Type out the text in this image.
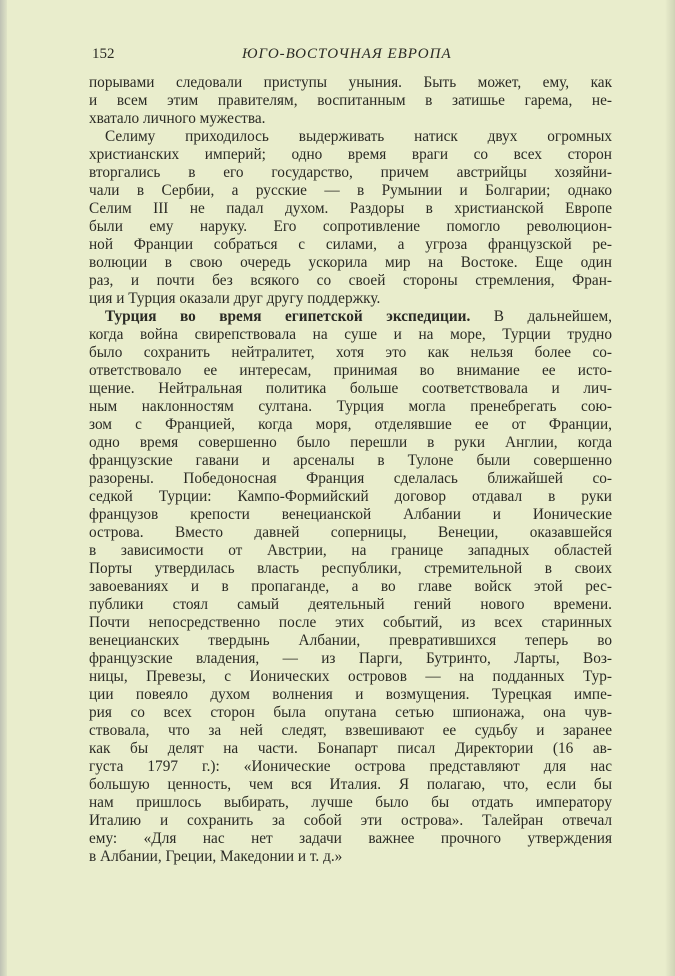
152	ЮГО-ВОСТОЧНАЯ ЕВРОПА
порывами следовали приступы уныния. Быть может, ему, как
и всем этим правителям, воспитанным в затишье гарема, не-
хватало личного мужества.
Селиму приходилось выдерживать натиск двух огромных
христианских империй; одно время враги со всех сторон
вторгались в его государство, причем австрийцы хозяйни-
чали в Сербии, а русские — в Румынии и Болгарии; однако
Селим III не падал духом. Раздоры в христианской Европе
были ему наруку. Его сопротивление помогло революцион-
ной Франции собраться с силами, а угроза французской ре-
волюции в свою очередь ускорила мир на Востоке. Еще один
раз, и почти без всякого со своей стороны стремления, Фран-
ция и Турция оказали друг другу поддержку.
Турция во время египетской экспедиции. В дальнейшем,
когда война свирепствовала на суше и на море, Турции трудно
было сохранить нейтралитет, хотя это как нельзя более со-
ответствовало ее интересам, принимая во внимание ее исто-
щение. Нейтральная политика больше соответствовала и лич-
ным наклонностям султана. Турция могла пренебрегать сою-
зом с Францией, когда моря, отделявшие ее от Франции,
одно время совершенно было перешли в руки Англии, когда
французские гавани и арсеналы в Тулоне были совершенно
разорены. Победоносная Франция сделалась ближайшей со-
седкой Турции: Кампо-Формийский договор отдавал в руки
французов крепости венецианской Албании и Ионические
острова. Вместо давней соперницы, Венеции, оказавшейся
в зависимости от Австрии, на границе западных областей
Порты утвердилась власть республики, стремительной в своих
завоеваниях и в пропаганде, а во главе войск этой рес-
публики стоял самый деятельный гений нового времени.
Почти непосредственно после этих событий, из всех старинных
венецианских твердынь Албании, превратившихся теперь во
французские владения, — из Парги, Бутринто, Ларты, Воз-
ницы, Превезы, с Ионических островов — на подданных Тур-
ции повеяло духом волнения и возмущения. Турецкая импе-
рия со всех сторон была опутана сетью шпионажа, она чув-
ствовала, что за ней следят, взвешивают ее судьбу и заранее
как бы делят на части. Бонапарт писал Директории (16 ав-
густа 1797 г.): «Ионические острова представляют для нас
большую ценность, чем вся Италия. Я полагаю, что, если бы
нам пришлось выбирать, лучше было бы отдать императору
Италию и сохранить за собой эти острова». Талейран отвечал
ему: «Для нас нет задачи важнее прочного утверждения
в Албании, Греции, Македонии и т. д.»
